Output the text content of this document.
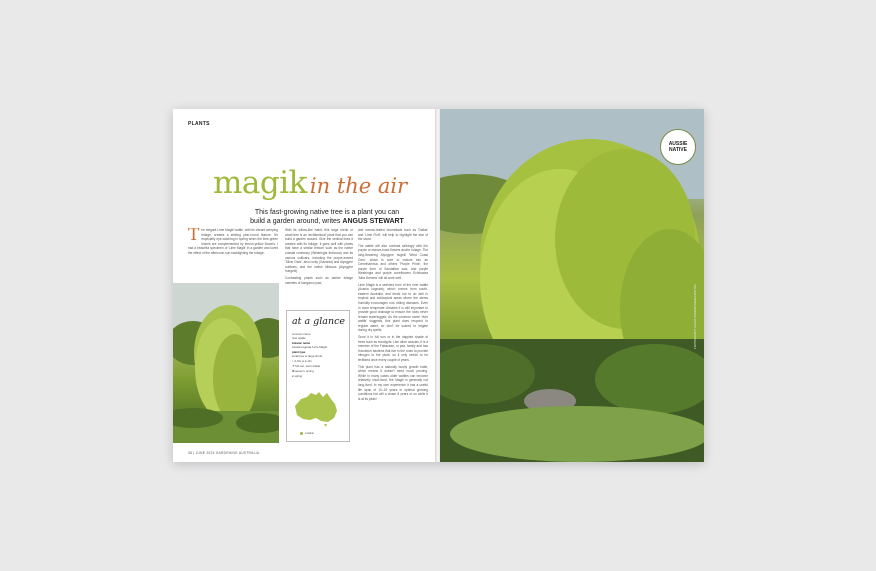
PLANTS
magik in the air
This fast-growing native tree is a plant you can
build a garden around, writes ANGUS STEWART
T he elegant Lime Magik wattle, with its vibrant weeping foliage, creates a striking year-round feature. It's especially eye-catching in spring when the lime-green leaves are complemented by lemon-yellow flowers. I had a beautiful specimen of 'Lime Magik' in a garden and loved the effect of the afternoon sun backlighting the foliage.

With its willow-like habit, this large shrub or small tree is an 'architectural' plant that you can build a garden around. Give the vertical lines it creates with its foliage, it goes well with plants that have a similar texture such as the native coastal rosemary (Westringia fruticosa) and its various cultivars, including the purple-leaved 'Silver Dark', also rocky (Gazania) and Alyogyne cultivars, and the native hibiscus (Alyogyne huegelii).

Contrasting plants such as darker foliage varieties of kangaroo paw,

and narrow-leafed bromeliads such as 'Dallas' and 'Lime Fluff', will help to highlight the star of the show.

The wattle will also contrast strikingly with the purple or mauve-hued flowers and/or foliage. The long-flowering Alyogyne hugelii 'West Coast Gem', which is sure to mature into an Ozmrthamnus and others 'Purple Pride', the purple form of Sandalbar wax, and purple Westringia and purple coneflowers Echinacea 'Alba Dreams' will all work well.

Lime Magik is a selected form of the river wattle (Acacia cognata), which comes from south-eastern Australia, and tends not to do well in tropical and subtropical areas where the stems humidity encourages root rotting diseases. Even in more temperate climates it is still important to provide good drainage to ensure the roots never remain waterlogged. As the common name 'river wattle' suggests, this plant does respond to regular water, so don't be scared to irrigate during dry spells.

Grow it in full sun or in the dappled shade of trees such as eucalypts. Like other acacias, it is a member of the Fabaceae, or pea, family and has rhizobium bacteria that live in the roots to provide nitrogen to the plant, so it only needs to be fertilised once every couple of years.

This plant has a naturally bushy growth habit, which means it doesn't need much pruning. While in many cases older wattles can become relatively short-lived, the Magik is generally not long-lived. In my own experience it has a useful life span of 10–15 years in optimal growing conditions but will a closer 8 years or so while it is at its peak!

at a glance
common name
river wattle
botanic name
Acacia cognata 'Lime Magik'
plant type
small tree or large shrub
↕ 4–5m w 2–3m
☀ full sun, semi-shade
✿ autumn, spring
● spring
suitable
38 | JUNE 2025 GARDENING AUSTRALIA
AUSSIE
NATIVE
PHOTOGRAPHY: ANGUS STEWART/GREENPHOTOS
